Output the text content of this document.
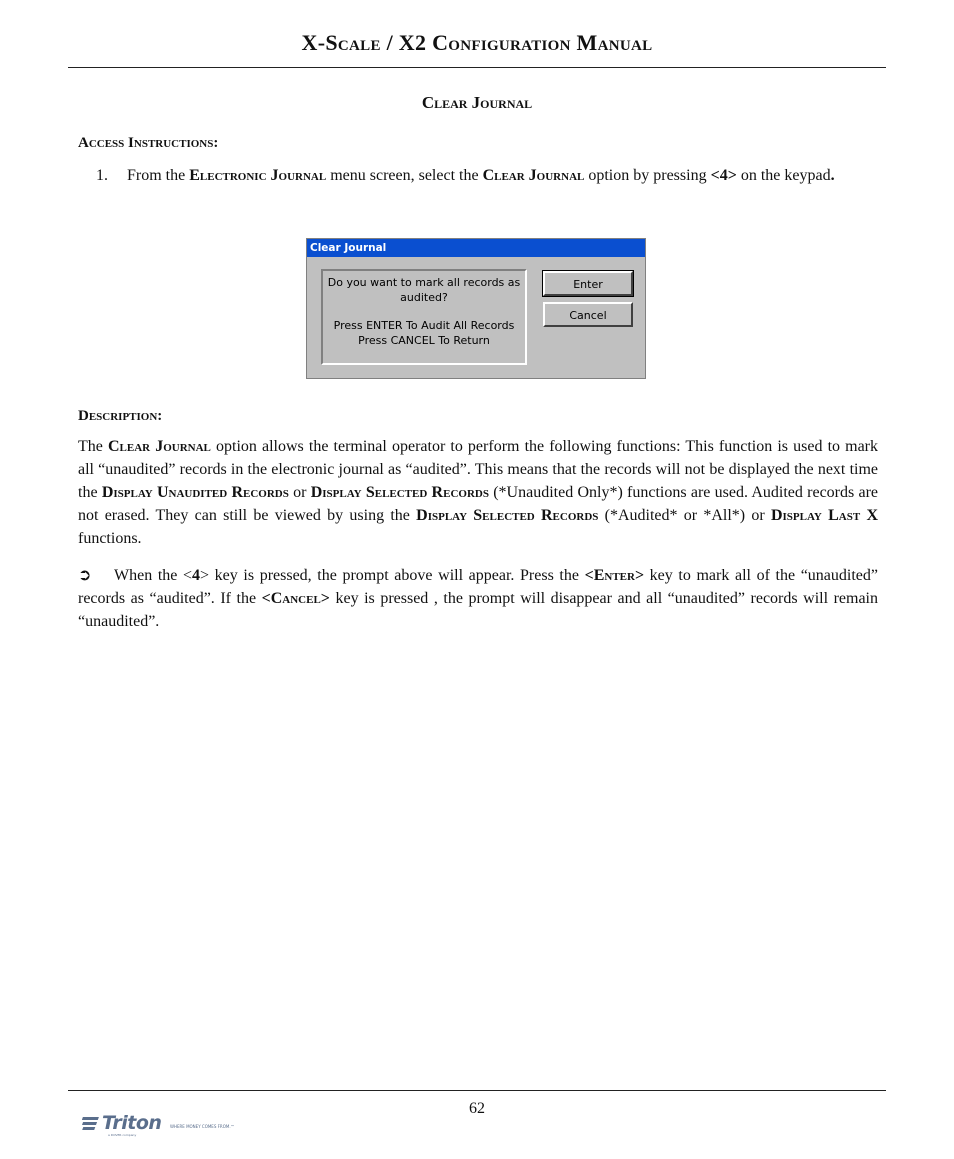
X-Scale / X2 Configuration Manual
Clear Journal
Access Instructions:
1. From the Electronic Journal menu screen, select the Clear Journal option by pressing <4> on the keypad.
Clear Journal
Do you want to mark all records as
audited?
Press ENTER To Audit All Records
Press CANCEL To Return
Enter
Cancel
Description:
The Clear Journal option allows the terminal operator to perform the following functions: This function is used to mark all “unaudited” records in the electronic journal as “audited”. This means that the records will not be displayed the next time the Display Unaudited Records or Display Selected Records (*Unaudited Only*) functions are used. Audited records are not erased. They can still be viewed by using the Display Selected Records (*Audited* or *All*) or Display Last X functions.
➲ When the <4> key is pressed, the prompt above will appear. Press the <Enter> key to mark all of the “unaudited” records as “audited”. If the <Cancel> key is pressed , the prompt will disappear and all “unaudited” records will remain “unaudited”.
62
Triton WHERE MONEY COMES FROM.™
a DOVER company
